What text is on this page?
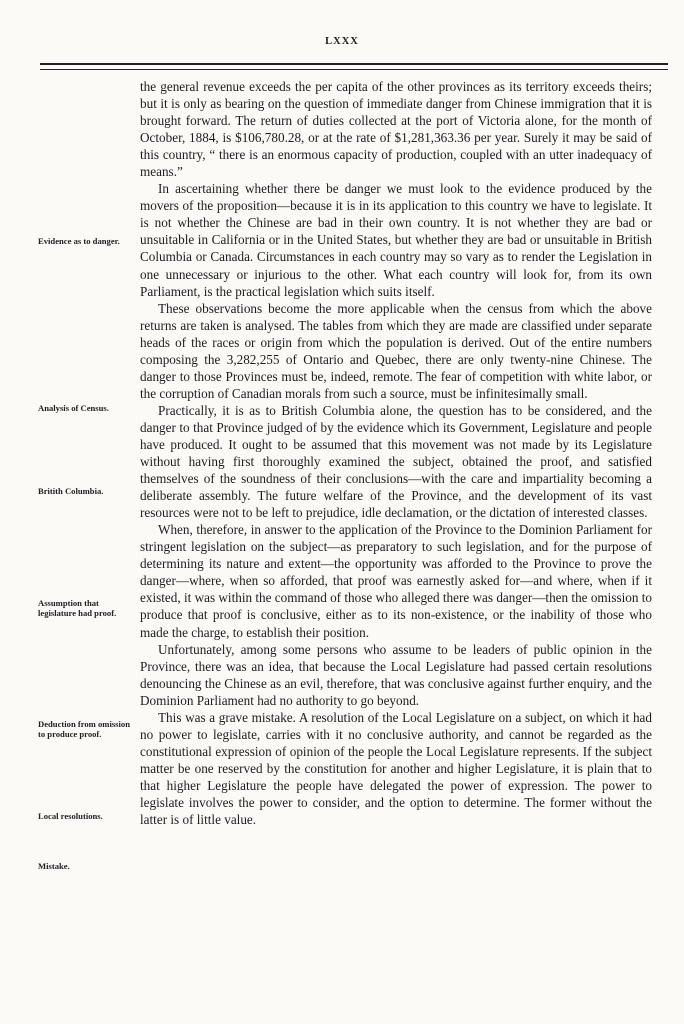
LXXX
Evidence as to danger.
Analysis of Census.
Britith Columbia.
Assumption that legislature had proof.
Deduction from omission to produce proof.
Local resolutions.
Mistake.

the general revenue exceeds the per capita of the other provinces as its territory exceeds theirs; but it is only as bearing on the question of immediate danger from Chinese immigration that it is brought forward. The return of duties collected at the port of Victoria alone, for the month of October, 1884, is $106,780.28, or at the rate of $1,281,363.36 per year. Surely it may be said of this country, “ there is an enormous capacity of production, coupled with an utter inadequacy of means.”

In ascertaining whether there be danger we must look to the evidence produced by the movers of the proposition—because it is in its application to this country we have to legislate. It is not whether the Chinese are bad in their own country. It is not whether they are bad or unsuitable in California or in the United States, but whether they are bad or unsuitable in British Columbia or Canada. Circumstances in each country may so vary as to render the Legislation in one unnecessary or injurious to the other. What each country will look for, from its own Parliament, is the practical legislation which suits itself.

These observations become the more applicable when the census from which the above returns are taken is analysed. The tables from which they are made are classified under separate heads of the races or origin from which the population is derived. Out of the entire numbers composing the 3,282,255 of Ontario and Quebec, there are only twenty-nine Chinese. The danger to those Provinces must be, indeed, remote. The fear of competition with white labor, or the corruption of Canadian morals from such a source, must be infinitesimally small.

Practically, it is as to British Columbia alone, the question has to be considered, and the danger to that Province judged of by the evidence which its Government, Legislature and people have produced. It ought to be assumed that this movement was not made by its Legislature without having first thoroughly examined the subject, obtained the proof, and satisfied themselves of the soundness of their conclusions—with the care and impartiality becoming a deliberate assembly. The future welfare of the Province, and the development of its vast resources were not to be left to prejudice, idle declamation, or the dictation of interested classes.

When, therefore, in answer to the application of the Province to the Dominion Parliament for stringent legislation on the subject—as preparatory to such legislation, and for the purpose of determining its nature and extent—the opportunity was afforded to the Province to prove the danger—where, when so afforded, that proof was earnestly asked for—and where, when if it existed, it was within the command of those who alleged there was danger—then the omission to produce that proof is conclusive, either as to its non-existence, or the inability of those who made the charge, to establish their position.

Unfortunately, among some persons who assume to be leaders of public opinion in the Province, there was an idea, that because the Local Legislature had passed certain resolutions denouncing the Chinese as an evil, therefore, that was conclusive against further enquiry, and the Dominion Parliament had no authority to go beyond.

This was a grave mistake. A resolution of the Local Legislature on a subject, on which it had no power to legislate, carries with it no conclusive authority, and cannot be regarded as the constitutional expression of opinion of the people the Local Legislature represents. If the subject matter be one reserved by the constitution for another and higher Legislature, it is plain that to that higher Legislature the people have delegated the power of expression. The power to legislate involves the power to consider, and the option to determine. The former without the latter is of little value.
